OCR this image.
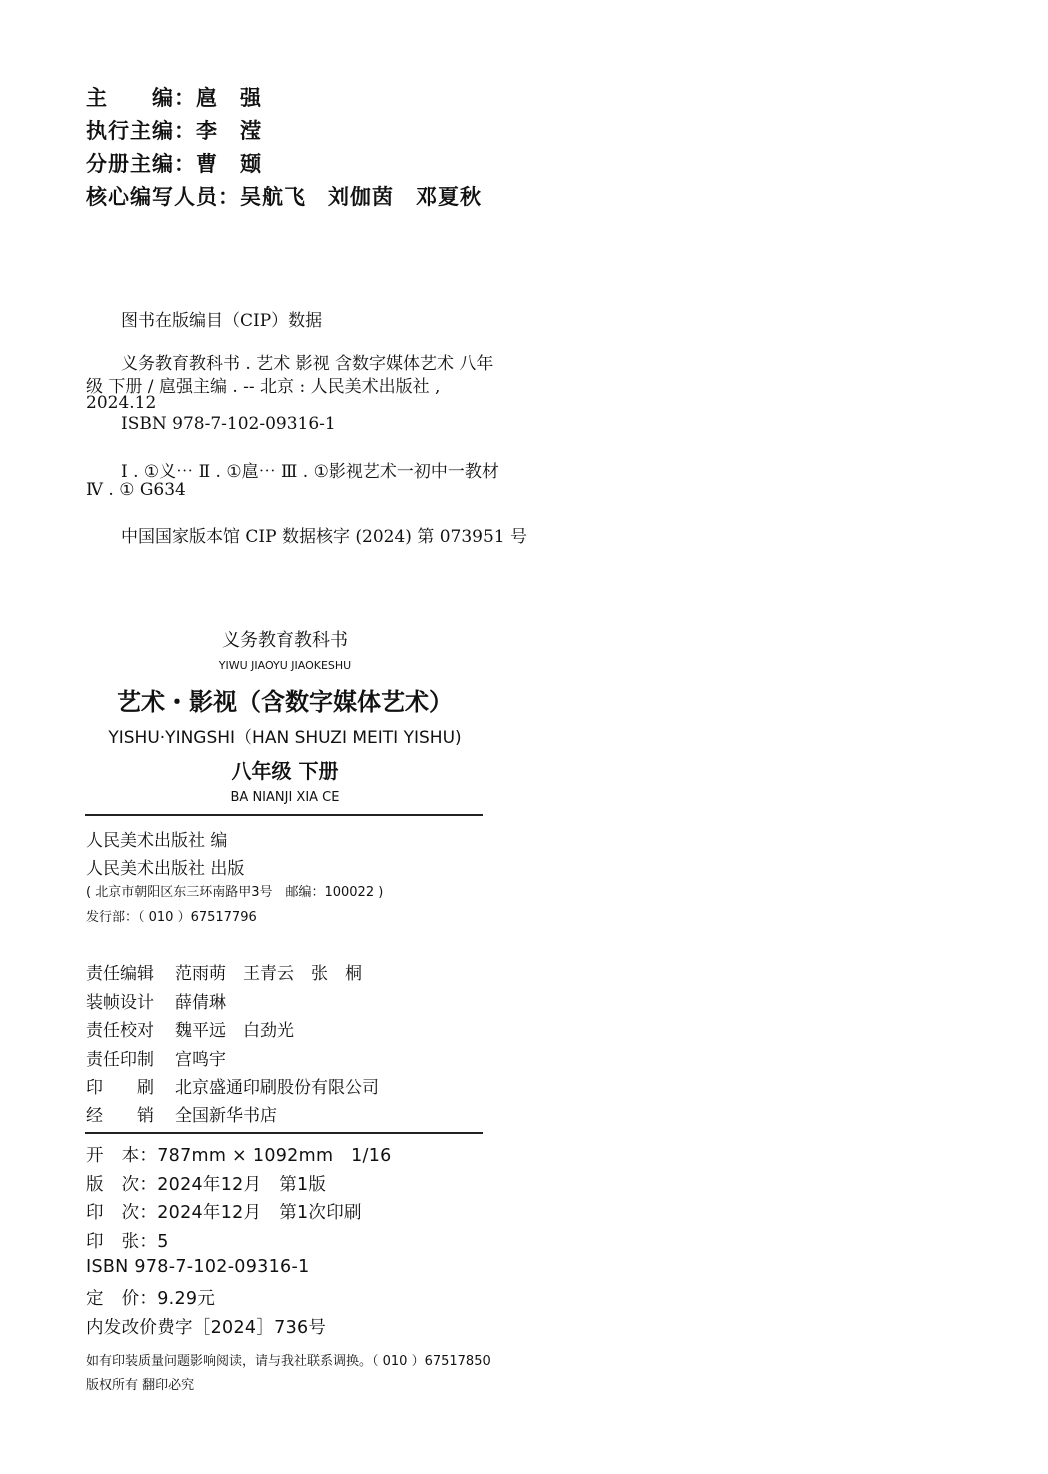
主　　编：扈　强
执行主编：李　滢
分册主编：曹　颋
核心编写人员：吴航飞　刘伽茵　邓夏秋
图书在版编目（CIP）数据
义务教育教科书 . 艺术 影视 含数字媒体艺术 八年
级 下册 / 扈强主编 . -- 北京 : 人民美术出版社 ,
2024.12
ISBN 978-7-102-09316-1
Ⅰ . ①义⋯ Ⅱ . ①扈⋯ Ⅲ . ①影视艺术一初中一教材
Ⅳ . ① G634
中国国家版本馆 CIP 数据核字 (2024) 第 073951 号
义务教育教科书
YIWU JIAOYU JIAOKESHU
艺术・影视（含数字媒体艺术）
YISHU·YINGSHI（HAN SHUZI MEITI YISHU)
八年级 下册
BA NIANJI XIA CE
人民美术出版社 编
人民美术出版社 出版
( 北京市朝阳区东三环南路甲3号　邮编：100022 )
发行部：（ 010 ）67517796
责任编辑 范雨萌　王青云　张　桐
装帧设计 薛倩琳
责任校对 魏平远　白劲光
责任印制 宫鸣宇
印　　刷 北京盛通印刷股份有限公司
经　　销 全国新华书店
开　本：787mm × 1092mm　1/16
版　次：2024年12月　第1版
印　次：2024年12月　第1次印刷
印　张：5
ISBN 978-7-102-09316-1
定　价：9.29元
内发改价费字［2024］736号
如有印装质量问题影响阅读，请与我社联系调换。（ 010 ）67517850
版权所有 翻印必究
